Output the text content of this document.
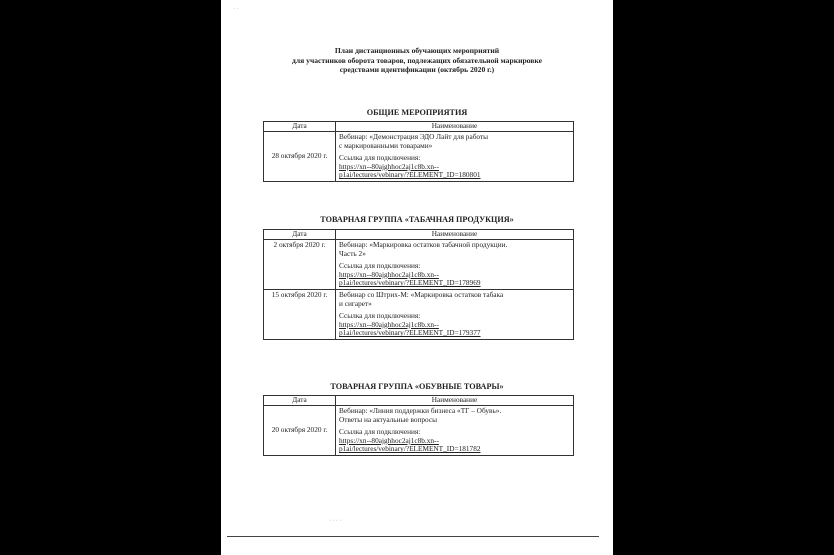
˙ ˙
План дистанционных обучающих мероприятий
для участников оборота товаров, подлежащих обязательной маркировке
средствами идентификации (октябрь 2020 г.)
ОБЩИЕ МЕРОПРИЯТИЯ
Дата	Наименование
28 октября 2020 г.	Вебинар: «Демонстрация ЭДО Лайт для работы
с маркированными товарами»
Ссылка для подключения:
https://xn--80ajghhoc2aj1c8b.xn--
p1ai/lectures/vebinary/?ELEMENT_ID=180801
ТОВАРНАЯ ГРУППА «ТАБАЧНАЯ ПРОДУКЦИЯ»
Дата	Наименование
2 октября 2020 г.	Вебинар: «Маркировка остатков табачной продукции.
Часть 2»
Ссылка для подключения:
https://xn--80ajghhoc2aj1c8b.xn--
p1ai/lectures/vebinary/?ELEMENT_ID=178969

15 октября 2020 г.	Вебинар со Штрих-М: «Маркировка остатков табака
и сигарет»
Ссылка для подключения:
https://xn--80ajghhoc2aj1c8b.xn--
p1ai/lectures/vebinary/?ELEMENT_ID=179377
ТОВАРНАЯ ГРУППА «ОБУВНЫЕ ТОВАРЫ»
Дата	Наименование
20 октября 2020 г.	Вебинар: «Линия поддержки бизнеса «ТГ – Обувь».
Ответы на актуальные вопросы
Ссылка для подключения:
https://xn--80ajghhoc2aj1c8b.xn--
p1ai/lectures/vebinary/?ELEMENT_ID=181782
· · · ·
